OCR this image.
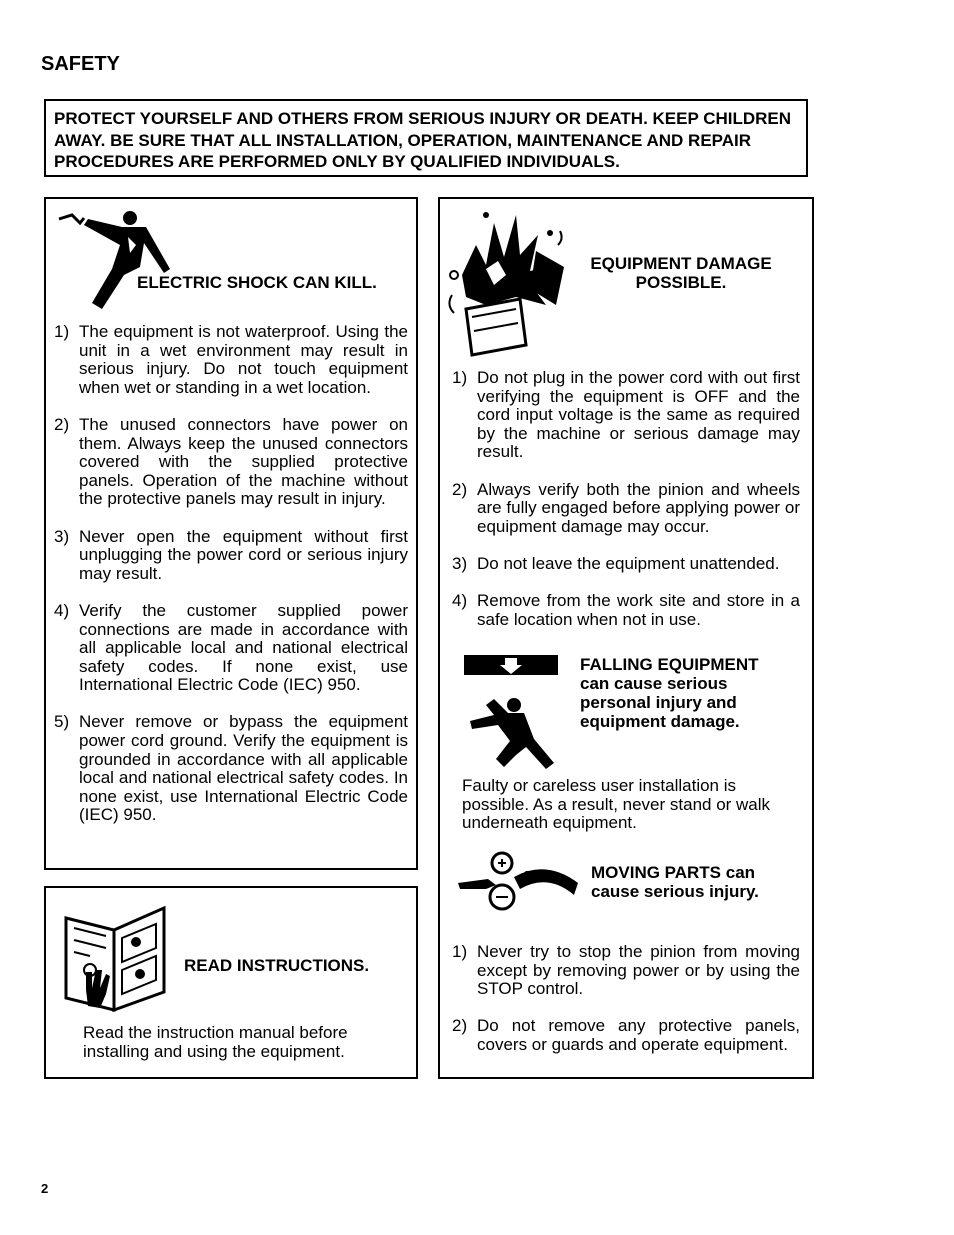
SAFETY
PROTECT YOURSELF AND OTHERS FROM SERIOUS INJURY OR DEATH. KEEP CHILDREN AWAY. BE SURE THAT ALL INSTALLATION, OPERATION, MAINTENANCE AND REPAIR PROCEDURES ARE PERFORMED ONLY BY QUALIFIED INDIVIDUALS.
ELECTRIC SHOCK CAN KILL.
1) The equipment is not waterproof. Using the unit in a wet environment may result in serious injury. Do not touch equipment when wet or standing in a wet location.
2) The unused connectors have power on them. Always keep the unused connectors covered with the supplied protective panels. Operation of the machine without the protective panels may result in injury.
3) Never open the equipment without first unplugging the power cord or serious injury may result.
4) Verify the customer supplied power connections are made in accordance with all applicable local and national electrical safety codes. If none exist, use International Electric Code (IEC) 950.
5) Never remove or bypass the equipment power cord ground. Verify the equipment is grounded in accordance with all applicable local and national electrical safety codes. In none exist, use International Electric Code (IEC) 950.
READ INSTRUCTIONS.
Read the instruction manual before installing and using the equipment.
EQUIPMENT DAMAGE POSSIBLE.
1) Do not plug in the power cord with out first verifying the equipment is OFF and the cord input voltage is the same as required by the machine or serious damage may result.
2) Always verify both the pinion and wheels are fully engaged before applying power or equipment damage may occur.
3) Do not leave the equipment unattended.
4) Remove from the work site and store in a safe location when not in use.
FALLING EQUIPMENT can cause serious personal injury and equipment damage.
Faulty or careless user installation is possible. As a result, never stand or walk underneath equipment.
MOVING PARTS can cause serious injury.
1) Never try to stop the pinion from moving except by removing power or by using the STOP control.
2) Do not remove any protective panels, covers or guards and operate equipment.
2
